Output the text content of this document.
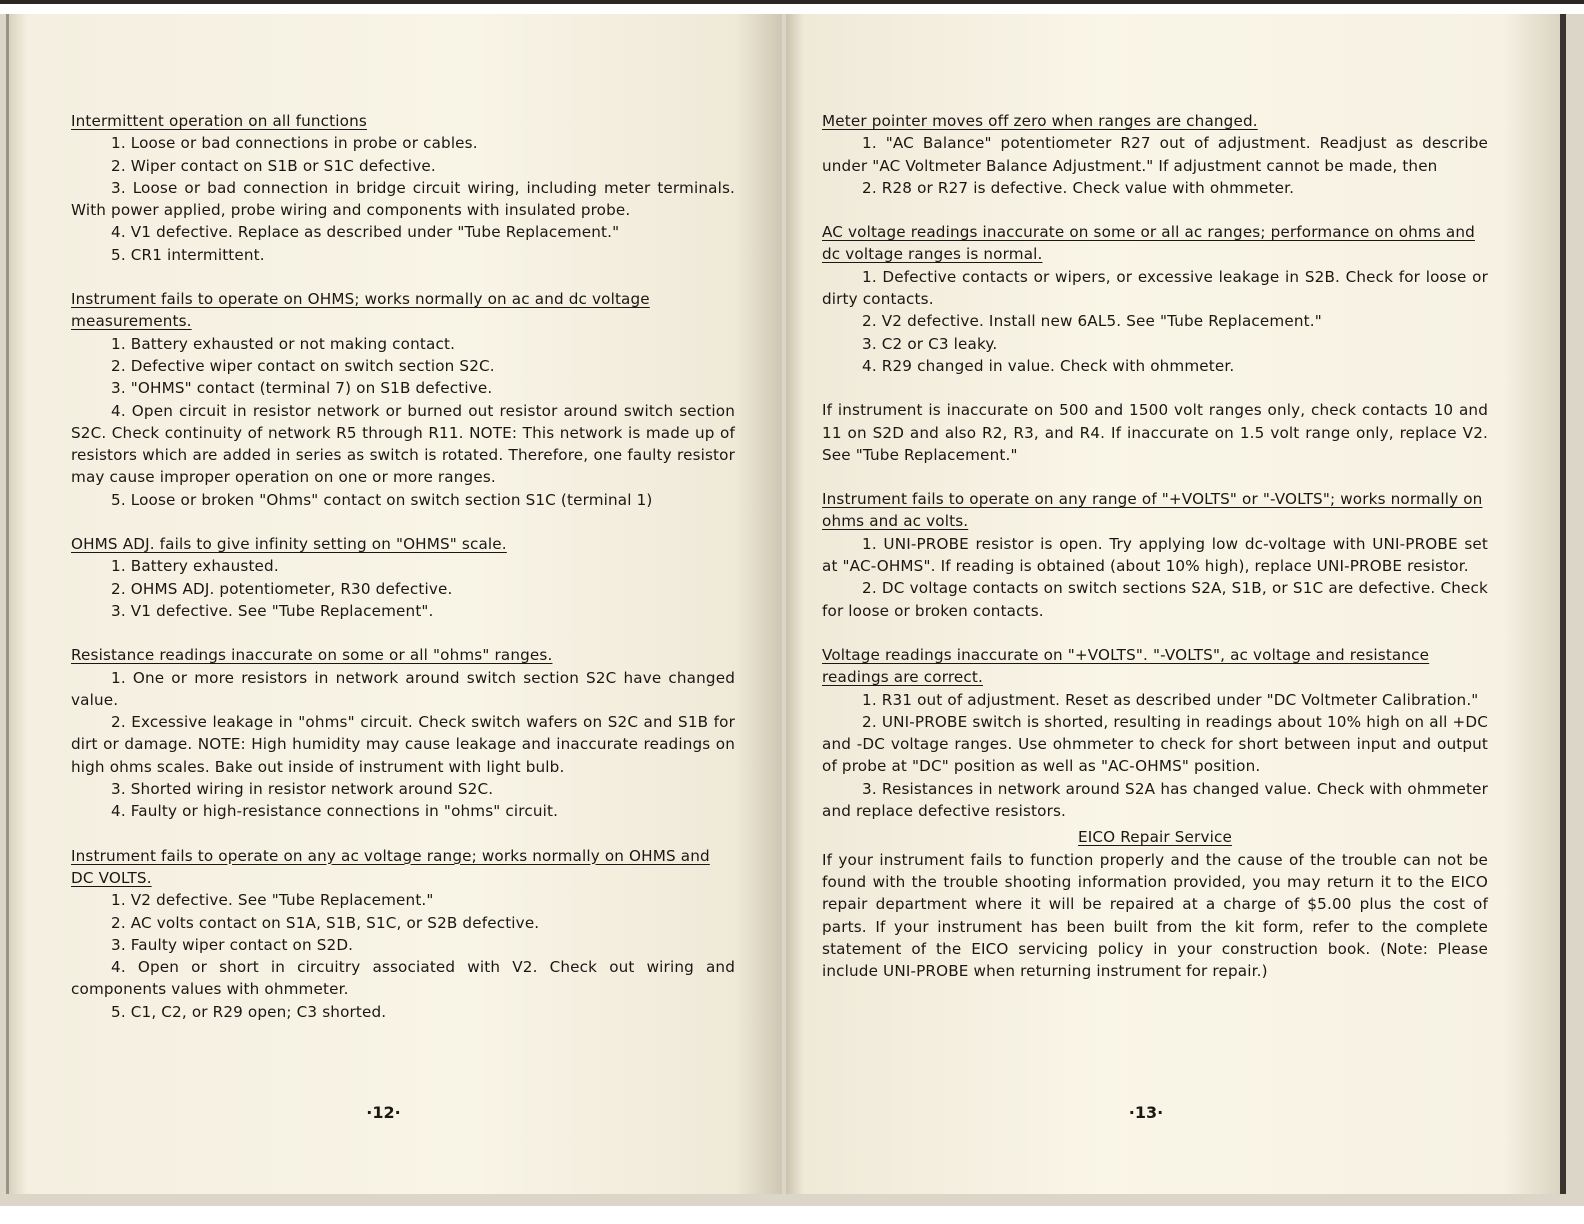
Intermittent operation on all functions

1. Loose or bad connections in probe or cables.

2. Wiper contact on S1B or S1C defective.

3. Loose or bad connection in bridge circuit wiring, including meter terminals. With power applied, probe wiring and components with insulated probe.

4. V1 defective. Replace as described under "Tube Replacement."

5. CR1 intermittent.

Instrument fails to operate on OHMS; works normally on ac and dc voltage measurements.

1. Battery exhausted or not making contact.

2. Defective wiper contact on switch section S2C.

3. "OHMS" contact (terminal 7) on S1B defective.

4. Open circuit in resistor network or burned out resistor around switch section S2C. Check continuity of network R5 through R11. NOTE: This network is made up of resistors which are added in series as switch is rotated. Therefore, one faulty resistor may cause improper operation on one or more ranges.

5. Loose or broken "Ohms" contact on switch section S1C (terminal 1)

OHMS ADJ. fails to give infinity setting on "OHMS" scale.

1. Battery exhausted.

2. OHMS ADJ. potentiometer, R30 defective.

3. V1 defective. See "Tube Replacement".

Resistance readings inaccurate on some or all "ohms" ranges.

1. One or more resistors in network around switch section S2C have changed value.

2. Excessive leakage in "ohms" circuit. Check switch wafers on S2C and S1B for dirt or damage. NOTE: High humidity may cause leakage and inaccurate readings on high ohms scales. Bake out inside of instrument with light bulb.

3. Shorted wiring in resistor network around S2C.

4. Faulty or high-resistance connections in "ohms" circuit.

Instrument fails to operate on any ac voltage range; works normally on OHMS and DC VOLTS.

1. V2 defective. See "Tube Replacement."

2. AC volts contact on S1A, S1B, S1C, or S2B defective.

3. Faulty wiper contact on S2D.

4. Open or short in circuitry associated with V2. Check out wiring and components values with ohmmeter.

5. C1, C2, or R29 open; C3 shorted.

·12·
Meter pointer moves off zero when ranges are changed.

1. "AC Balance" potentiometer R27 out of adjustment. Readjust as describe under "AC Voltmeter Balance Adjustment." If adjustment cannot be made, then

2. R28 or R27 is defective. Check value with ohmmeter.

AC voltage readings inaccurate on some or all ac ranges; performance on ohms and dc voltage ranges is normal.

1. Defective contacts or wipers, or excessive leakage in S2B. Check for loose or dirty contacts.

2. V2 defective. Install new 6AL5. See "Tube Replacement."

3. C2 or C3 leaky.

4. R29 changed in value. Check with ohmmeter.

If instrument is inaccurate on 500 and 1500 volt ranges only, check contacts 10 and 11 on S2D and also R2, R3, and R4. If inaccurate on 1.5 volt range only, replace V2. See "Tube Replacement."

Instrument fails to operate on any range of "+VOLTS" or "-VOLTS"; works normally on ohms and ac volts.

1. UNI-PROBE resistor is open. Try applying low dc-voltage with UNI-PROBE set at "AC-OHMS". If reading is obtained (about 10% high), replace UNI-PROBE resistor.

2. DC voltage contacts on switch sections S2A, S1B, or S1C are defective. Check for loose or broken contacts.

Voltage readings inaccurate on "+VOLTS". "-VOLTS", ac voltage and resistance readings are correct.

1. R31 out of adjustment. Reset as described under "DC Voltmeter Calibration."

2. UNI-PROBE switch is shorted, resulting in readings about 10% high on all +DC and -DC voltage ranges. Use ohmmeter to check for short between input and output of probe at "DC" position as well as "AC-OHMS" position.

3. Resistances in network around S2A has changed value. Check with ohmmeter and replace defective resistors.

EICO Repair Service

If your instrument fails to function properly and the cause of the trouble can not be found with the trouble shooting information provided, you may return it to the EICO repair department where it will be repaired at a charge of $5.00 plus the cost of parts. If your instrument has been built from the kit form, refer to the complete statement of the EICO servicing policy in your construction book. (Note: Please include UNI-PROBE when returning instrument for repair.)

·13·
